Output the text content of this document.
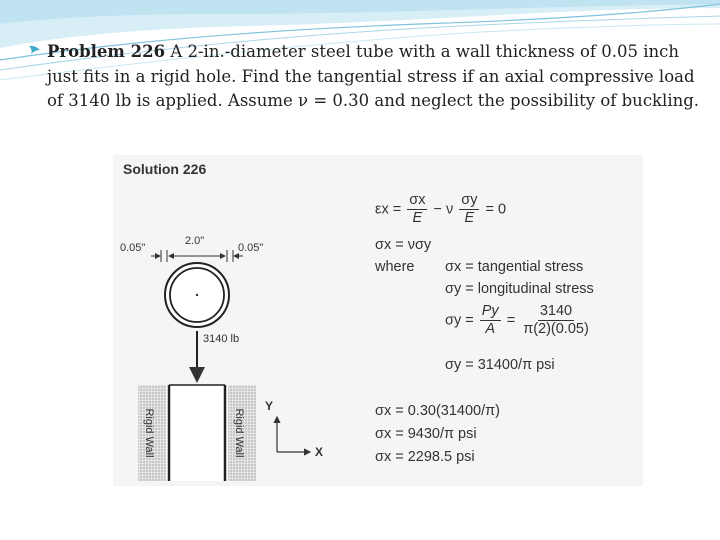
Problem 226 A 2-in.-diameter steel tube with a wall thickness of 0.05 inch just fits in a rigid hole. Find the tangential stress if an axial compressive load of 3140 lb is applied. Assume ν = 0.30 and neglect the possibility of buckling.
Solution 226
Rigid Wall	Rigid Wall
0.05"
2.0"
0.05"
3140 lb
Y
X
$\varepsilon x = \frac{\sigma x}{E} - \nu \frac{\sigma y}{E} = 0$
σx = νσy
where σx = tangential stress
σy = longitudinal stress
$\sigma y = \frac{Py}{A} = \frac{3140}{\pi(2)(0.05)}$
σy = 31400/π psi
σx = 0.30(31400/π)
σx = 9430/π psi
σx = 2298.5 psi
